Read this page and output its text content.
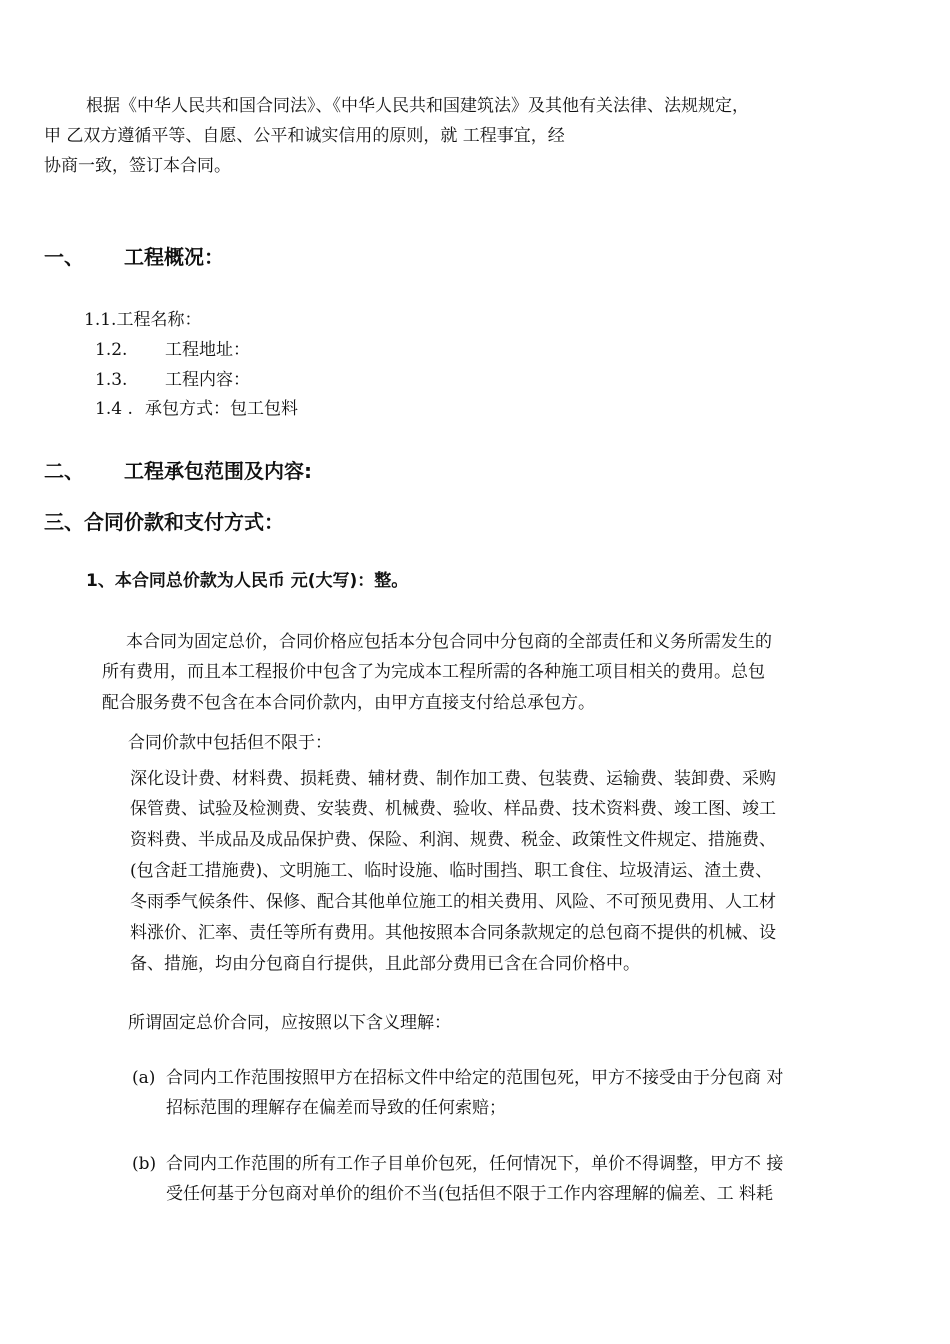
根据《中华人民共和国合同法》、《中华人民共和国建筑法》及其他有关法律、法规规定，
甲 乙双方遵循平等、自愿、公平和诚实信用的原则，就 工程事宜，经
协商一致，签订本合同。
一、 工程概况：
1.1.工程名称：
1.2. 工程地址：
1.3. 工程内容：
1.4 . 承包方式：包工包料
二、 工程承包范围及内容:
三、合同价款和支付方式：
1、本合同总价款为人民币 元(大写)：整。
本合同为固定总价，合同价格应包括本分包合同中分包商的全部责任和义务所需发生的
所有费用，而且本工程报价中包含了为完成本工程所需的各种施工项目相关的费用。总包
配合服务费不包含在本合同价款内，由甲方直接支付给总承包方。
合同价款中包括但不限于：
深化设计费、材料费、损耗费、辅材费、制作加工费、包装费、运输费、装卸费、采购
保管费、试验及检测费、安装费、机械费、验收、样品费、技术资料费、竣工图、竣工
资料费、半成品及成品保护费、保险、利润、规费、税金、政策性文件规定、措施费、
(包含赶工措施费)、文明施工、临时设施、临时围挡、职工食住、垃圾清运、渣土费、
冬雨季气候条件、保修、配合其他单位施工的相关费用、风险、不可预见费用、人工材
料涨价、汇率、责任等所有费用。其他按照本合同条款规定的总包商不提供的机械、设
备、措施，均由分包商自行提供，且此部分费用已含在合同价格中。
所谓固定总价合同，应按照以下含义理解：
(a) 合同内工作范围按照甲方在招标文件中给定的范围包死，甲方不接受由于分包商 对
招标范围的理解存在偏差而导致的任何索赔；
(b) 合同内工作范围的所有工作子目单价包死，任何情况下，单价不得调整，甲方不 接
受任何基于分包商对单价的组价不当(包括但不限于工作内容理解的偏差、工 料耗
